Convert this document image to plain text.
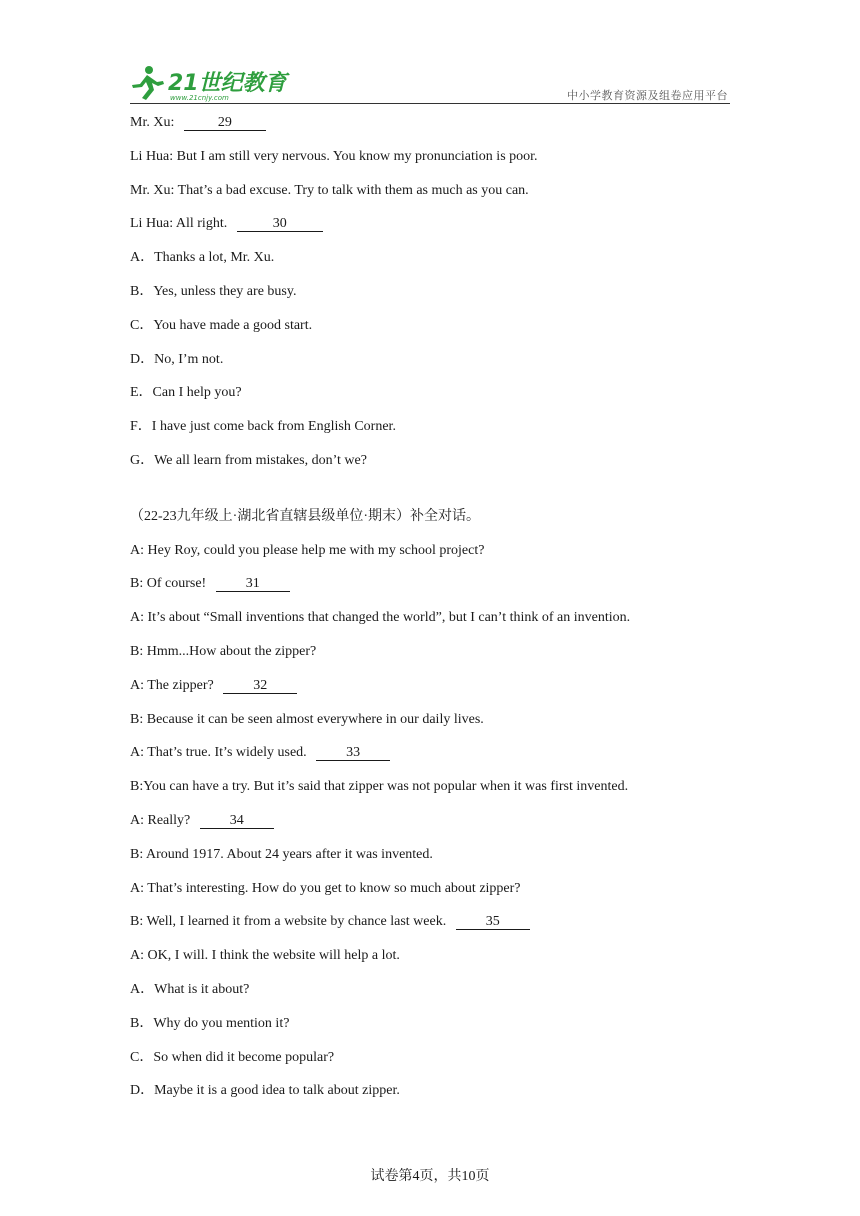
21世纪教育
www.21cnjy.com	中小学教育资源及组卷应用平台
Mr. Xu:	29
Li Hua: But I am still very nervous. You know my pronunciation is poor.
Mr. Xu: That’s a bad excuse. Try to talk with them as much as you can.
Li Hua: All right.	30
A．Thanks a lot, Mr. Xu.
B．Yes, unless they are busy.
C．You have made a good start.
D．No, I’m not.
E．Can I help you?
F．I have just come back from English Corner.
G．We all learn from mistakes, don’t we?
（22-23九年级上·湖北省直辖县级单位·期末）补全对话。
A: Hey Roy, could you please help me with my school project?
B: Of course!	31
A: It’s about “Small inventions that changed the world”, but I can’t think of an invention.
B: Hmm...How about the zipper?
A: The zipper?	32
B: Because it can be seen almost everywhere in our daily lives.
A: That’s true. It’s widely used.	33
B:You can have a try. But it’s said that zipper was not popular when it was first invented.
A: Really?	34
B: Around 1917. About 24 years after it was invented.
A: That’s interesting. How do you get to know so much about zipper?
B: Well, I learned it from a website by chance last week.	35
A: OK, I will. I think the website will help a lot.
A．What is it about?
B．Why do you mention it?
C．So when did it become popular?
D．Maybe it is a good idea to talk about zipper.
试卷第4页，共10页
